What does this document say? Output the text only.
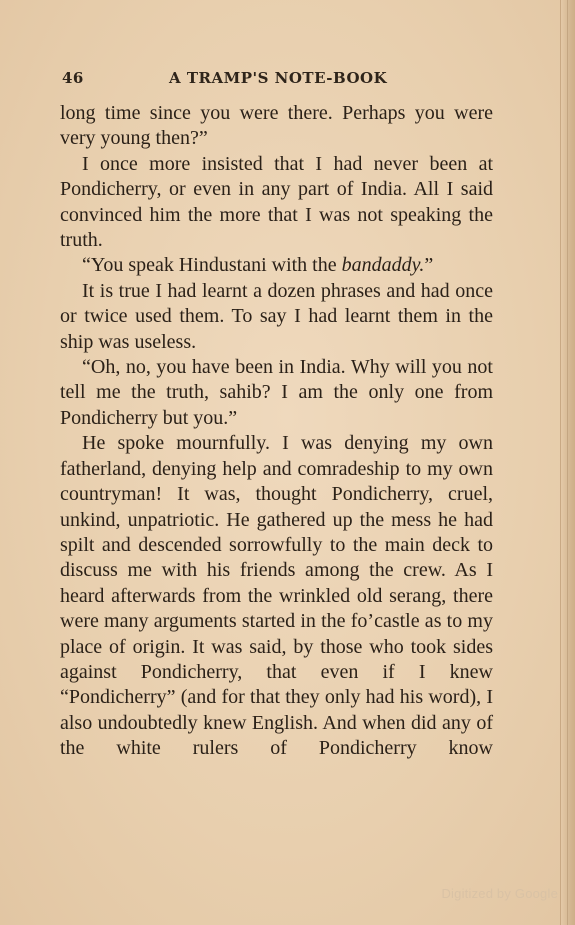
46	A TRAMP'S NOTE-BOOK

long time since you were there. Perhaps you were very young then?”

I once more insisted that I had never been at Pondicherry, or even in any part of India. All I said convinced him the more that I was not speaking the truth.

“You speak Hindustani with the bandaddy.”

It is true I had learnt a dozen phrases and had once or twice used them. To say I had learnt them in the ship was useless.

“Oh, no, you have been in India. Why will you not tell me the truth, sahib? I am the only one from Pondicherry but you.”

He spoke mournfully. I was denying my own fatherland, denying help and comradeship to my own countryman! It was, thought Pondicherry, cruel, unkind, unpatriotic. He gathered up the mess he had spilt and descended sorrowfully to the main deck to discuss me with his friends among the crew. As I heard afterwards from the wrinkled old serang, there were many arguments started in the fo’castle as to my place of origin. It was said, by those who took sides against Pondicherry, that even if I knew “Pondicherry” (and for that they only had his word), I also undoubtedly knew English. And when did any of the white rulers of Pondicherry know

Digitized by Google
